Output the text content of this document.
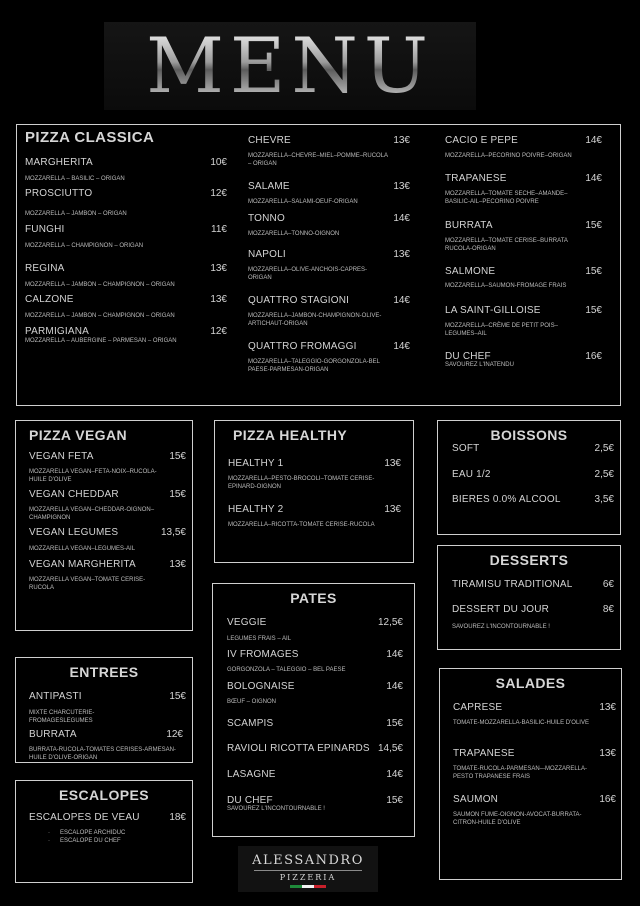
MENU
PIZZA CLASSICA
MARGHERITA	10€
MOZZARELLA – BASILIC – ORIGAN
PROSCIUTTO	12€
MOZZARELLA – JAMBON – ORIGAN
FUNGHI	11€
MOZZARELLA – CHAMPIGNON – ORIGAN
REGINA	13€
MOZZARELLA – JAMBON – CHAMPIGNON – ORIGAN
CALZONE	13€
MOZZARELLA – JAMBON – CHAMPIGNON – ORIGAN
PARMIGIANA	12€
MOZZARELLA – AUBERGINE – PARMESAN – ORIGAN
CHEVRE	13€
MOZZARELLA–CHEVRE–MIEL–POMME–RUCOLA – ORIGAN
SALAME	13€
MOZZARELLA–SALAMI-OEUF-ORIGAN
TONNO	14€
MOZZARELLA–TONNO-OIGNON
NAPOLI	13€
MOZZARELLA–OLIVE-ANCHOIS-CAPRES-ORIGAN
QUATTRO STAGIONI	14€
MOZZARELLA–JAMBON-CHAMPIGNON-OLIVE-ARTICHAUT-ORIGAN
QUATTRO FROMAGGI	14€
MOZZARELLA–TALEGGIO-GORGONZOLA-BEL PAESE-PARMESAN-ORIGAN
CACIO E PEPE	14€
MOZZARELLA–PECORINO POIVRE–ORIGAN
TRAPANESE	14€
MOZZARELLA–TOMATE SECHE–AMANDE–BASILIC-AIL–PECORINO POIVRE
BURRATA	15€
MOZZARELLA–TOMATE CERISE–BURRATA RUCOLA-ORIGAN
SALMONE	15€
MOZZARELLA–SAUMON-FROMAGE FRAIS
LA SAINT-GILLOISE	15€
MOZZARELLA–CRÈME DE PETIT POIS–LEGUMES–AIL
DU CHEF	16€
SAVOUREZ L'INATENDU
PIZZA VEGAN
VEGAN FETA	15€
MOZZARELLA VEGAN–FETA-NOIX–RUCOLA-HUILE D'OLIVE
VEGAN CHEDDAR	15€
MOZZARELLA VEGAN–CHEDDAR-OIGNON–CHAMPIGNON
VEGAN LEGUMES	13,5€
MOZZARELLA VEGAN–LEGUMES-AIL
VEGAN MARGHERITA	13€
MOZZARELLA VEGAN–TOMATE CERISE-RUCOLA
PIZZA HEALTHY
HEALTHY 1	13€
MOZZARELLA–PESTO-BROCOLI–TOMATE CERISE-EPINARD-OIGNON
HEALTHY 2	13€
MOZZARELLA–RICOTTA-TOMATE CERISE-RUCOLA
BOISSONS
SOFT	2,5€
EAU 1/2	2,5€
BIERES 0.0% ALCOOL	3,5€
DESSERTS
TIRAMISU TRADITIONAL	6€
DESSERT DU JOUR	8€
SAVOUREZ L'INCONTOURNABLE !
PATES
VEGGIE	12,5€
LEGUMES FRAIS – AIL
IV FROMAGES	14€
GORGONZOLA – TALEGGIO – BEL PAESE
BOLOGNAISE	14€
BŒUF – OIGNON
SCAMPIS	15€
RAVIOLI RICOTTA EPINARDS 14,5€
LASAGNE	14€
DU CHEF	15€
SAVOUREZ L'INCONTOURNABLE !
ENTREES
ANTIPASTI	15€
MIXTE CHARCUTERIE-FROMAGESLEGUMES
BURRATA	12€
BURRATA-RUCOLA-TOMATES CERISES-ARMESAN-HUILE D'OLIVE-ORIGAN
ESCALOPES
ESCALOPES DE VEAU	18€
·      ESCALOPE ARCHIDUC
·      ESCALOPE DU CHEF
SALADES
CAPRESE	13€
TOMATE-MOZZARELLA-BASILIC-HUILE D'OLIVE
TRAPANESE	13€
TOMATE-RUCOLA-PARMESAN–-MOZZARELLA-PESTO TRAPANESE FRAIS
SAUMON	16€
SAUMON FUME-OIGNON-AVOCAT-BURRATA-CITRON-HUILE D'OLIVE
ALESSANDRO
PIZZERIA
